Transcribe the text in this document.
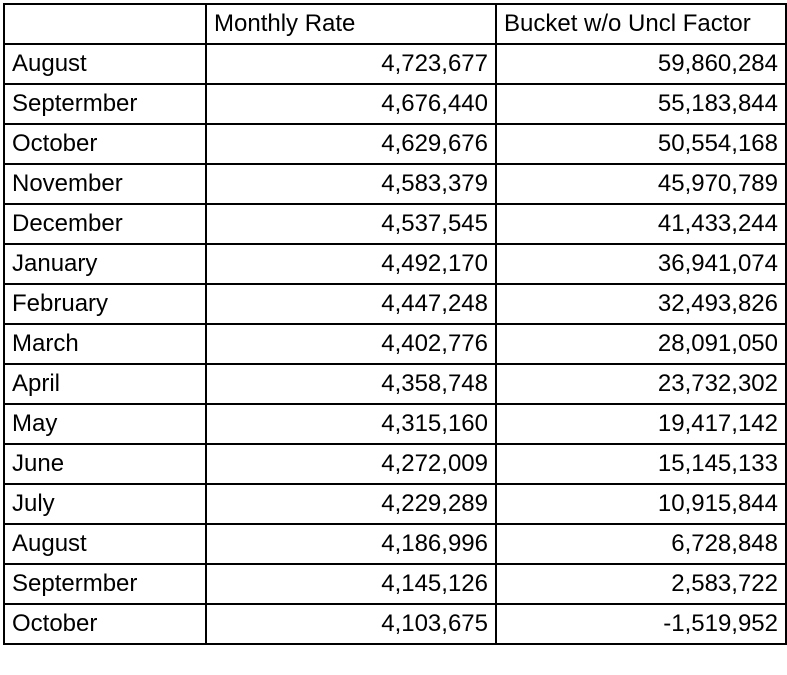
	Monthly Rate	Bucket w/o Uncl Factor
August	4,723,677	59,860,284
Septermber	4,676,440	55,183,844
October	4,629,676	50,554,168
November	4,583,379	45,970,789
December	4,537,545	41,433,244
January	4,492,170	36,941,074
February	4,447,248	32,493,826
March	4,402,776	28,091,050
April	4,358,748	23,732,302
May	4,315,160	19,417,142
June	4,272,009	15,145,133
July	4,229,289	10,915,844
August	4,186,996	6,728,848
Septermber	4,145,126	2,583,722
October	4,103,675	-1,519,952
